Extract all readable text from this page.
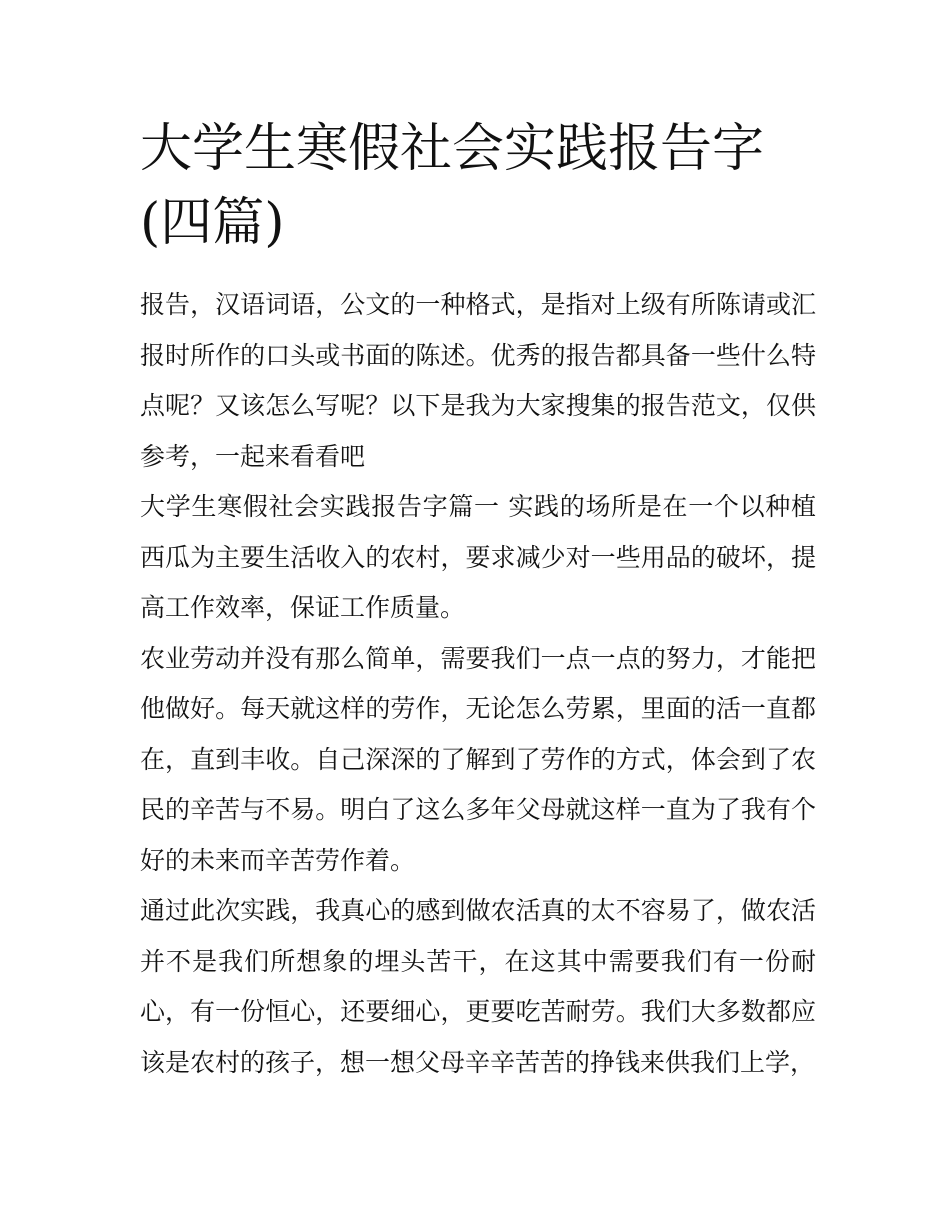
大学生寒假社会实践报告字(四篇)

报告，汉语词语，公文的一种格式，是指对上级有所陈请或汇报时所作的口头或书面的陈述。优秀的报告都具备一些什么特点呢？又该怎么写呢？以下是我为大家搜集的报告范文，仅供参考，一起来看看吧

大学生寒假社会实践报告字篇一 实践的场所是在一个以种植西瓜为主要生活收入的农村，要求减少对一些用品的破坏，提高工作效率，保证工作质量。

农业劳动并没有那么简单，需要我们一点一点的努力，才能把他做好。每天就这样的劳作，无论怎么劳累，里面的活一直都在，直到丰收。自己深深的了解到了劳作的方式，体会到了农民的辛苦与不易。明白了这么多年父母就这样一直为了我有个好的未来而辛苦劳作着。

通过此次实践，我真心的感到做农活真的太不容易了，做农活并不是我们所想象的埋头苦干，在这其中需要我们有一份耐心，有一份恒心，还要细心，更要吃苦耐劳。我们大多数都应该是农村的孩子，想一想父母辛辛苦苦的挣钱来供我们上学，
